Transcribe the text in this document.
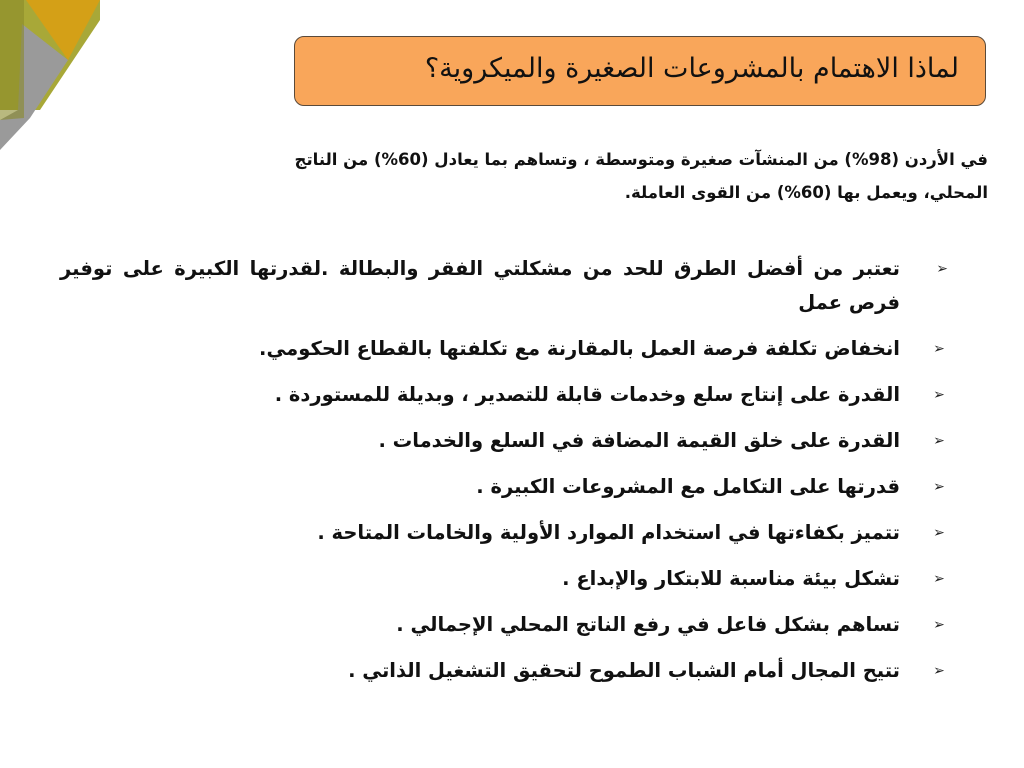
لماذا الاهتمام بالمشروعات الصغيرة والميكروية؟
في الأردن (98%) من المنشآت صغيرة ومتوسطة ، وتساهم بما يعادل (60%) من الناتج
المحلي، ويعمل بها (60%) من القوى العاملة.
➢
تعتبر من أفضل الطرق للحد من مشكلتي الفقر والبطالة .لقدرتها الكبيرة على توفير فرص عمل
➢
انخفاض تكلفة فرصة العمل بالمقارنة مع تكلفتها بالقطاع الحكومي.
➢
القدرة على إنتاج سلع وخدمات قابلة للتصدير ، وبديلة للمستوردة .
➢
القدرة على خلق القيمة المضافة في السلع والخدمات .
➢
قدرتها على التكامل مع المشروعات الكبيرة .
➢
تتميز بكفاءتها في استخدام الموارد الأولية والخامات المتاحة .
➢
تشكل بيئة مناسبة للابتكار والإبداع .
➢
تساهم بشكل فاعل في رفع الناتج المحلي الإجمالي .
➢
تتيح المجال أمام الشباب الطموح لتحقيق التشغيل الذاتي .
